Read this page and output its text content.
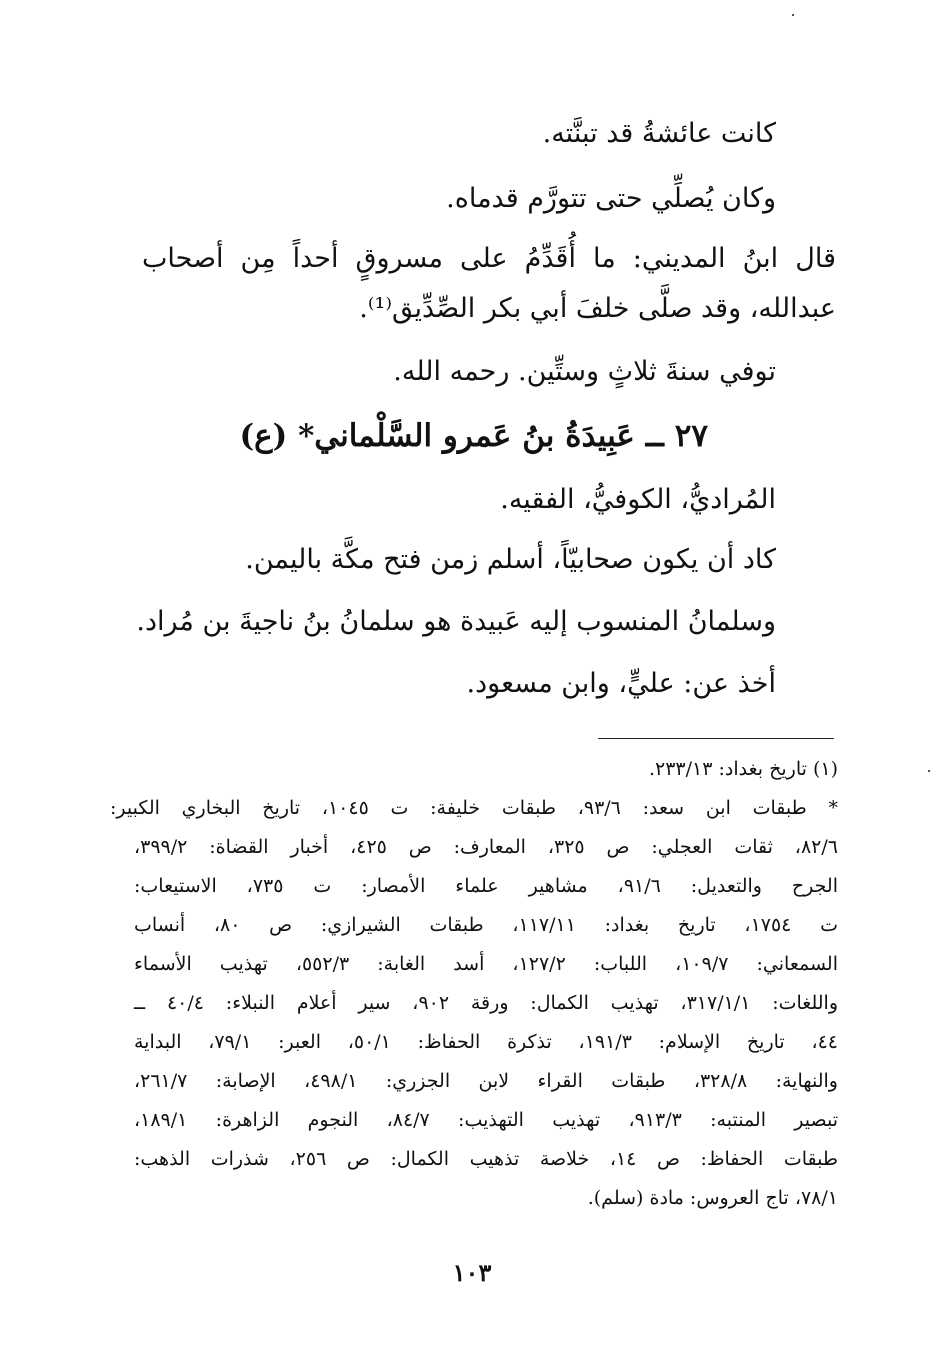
كانت عائشةُ قد تبنَّته.
وكان يُصلِّي حتى تتورَّم قدماه.
قال ابنُ المديني: ما أُقَدِّمُ على مسروقٍ أحداً مِن أصحاب
عبدالله، وقد صلَّى خلفَ أبي بكر الصِّدِّيق⁽¹⁾.
توفي سنةَ ثلاثٍ وستِّين. رحمه الله.
٢٧ ــ عَبِيدَةُ بنُ عَمرو السَّلْماني* (ع)
المُراديُّ، الكوفيُّ، الفقيه.
كاد أن يكون صحابيّاً، أسلم زمن فتح مكَّة باليمن.
وسلمانُ المنسوب إليه عَبيدة هو سلمانُ بنُ ناجيةَ بن مُراد.
أخذ عن: عليٍّ، وابن مسعود.
(١) تاريخ بغداد: ٢٣٣/١٣.
* طبقات ابن سعد: ٩٣/٦، طبقات خليفة: ت ١٠٤٥، تاريخ البخاري الكبير:
٨٢/٦، ثقات العجلي: ص ٣٢٥، المعارف: ص ٤٢٥، أخبار القضاة: ٣٩٩/٢،
الجرح والتعديل: ٩١/٦، مشاهير علماء الأمصار: ت ٧٣٥، الاستيعاب:
ت ١٧٥٤، تاريخ بغداد: ١١٧/١١، طبقات الشيرازي: ص ٨٠، أنساب
السمعاني: ١٠٩/٧، اللباب: ١٢٧/٢، أسد الغابة: ٥٥٢/٣، تهذيب الأسماء
واللغات: ٣١٧/١/١، تهذيب الكمال: ورقة ٩٠٢، سير أعلام النبلاء: ٤٠/٤ ــ
٤٤، تاريخ الإسلام: ١٩١/٣، تذكرة الحفاظ: ٥٠/١، العبر: ٧٩/١، البداية
والنهاية: ٣٢٨/٨، طبقات القراء لابن الجزري: ٤٩٨/١، الإصابة: ٢٦١/٧،
تبصير المنتبه: ٩١٣/٣، تهذيب التهذيب: ٨٤/٧، النجوم الزاهرة: ١٨٩/١،
طبقات الحفاظ: ص ١٤، خلاصة تذهيب الكمال: ص ٢٥٦، شذرات الذهب:
٧٨/١، تاج العروس: مادة (سلم).
١٠٣
